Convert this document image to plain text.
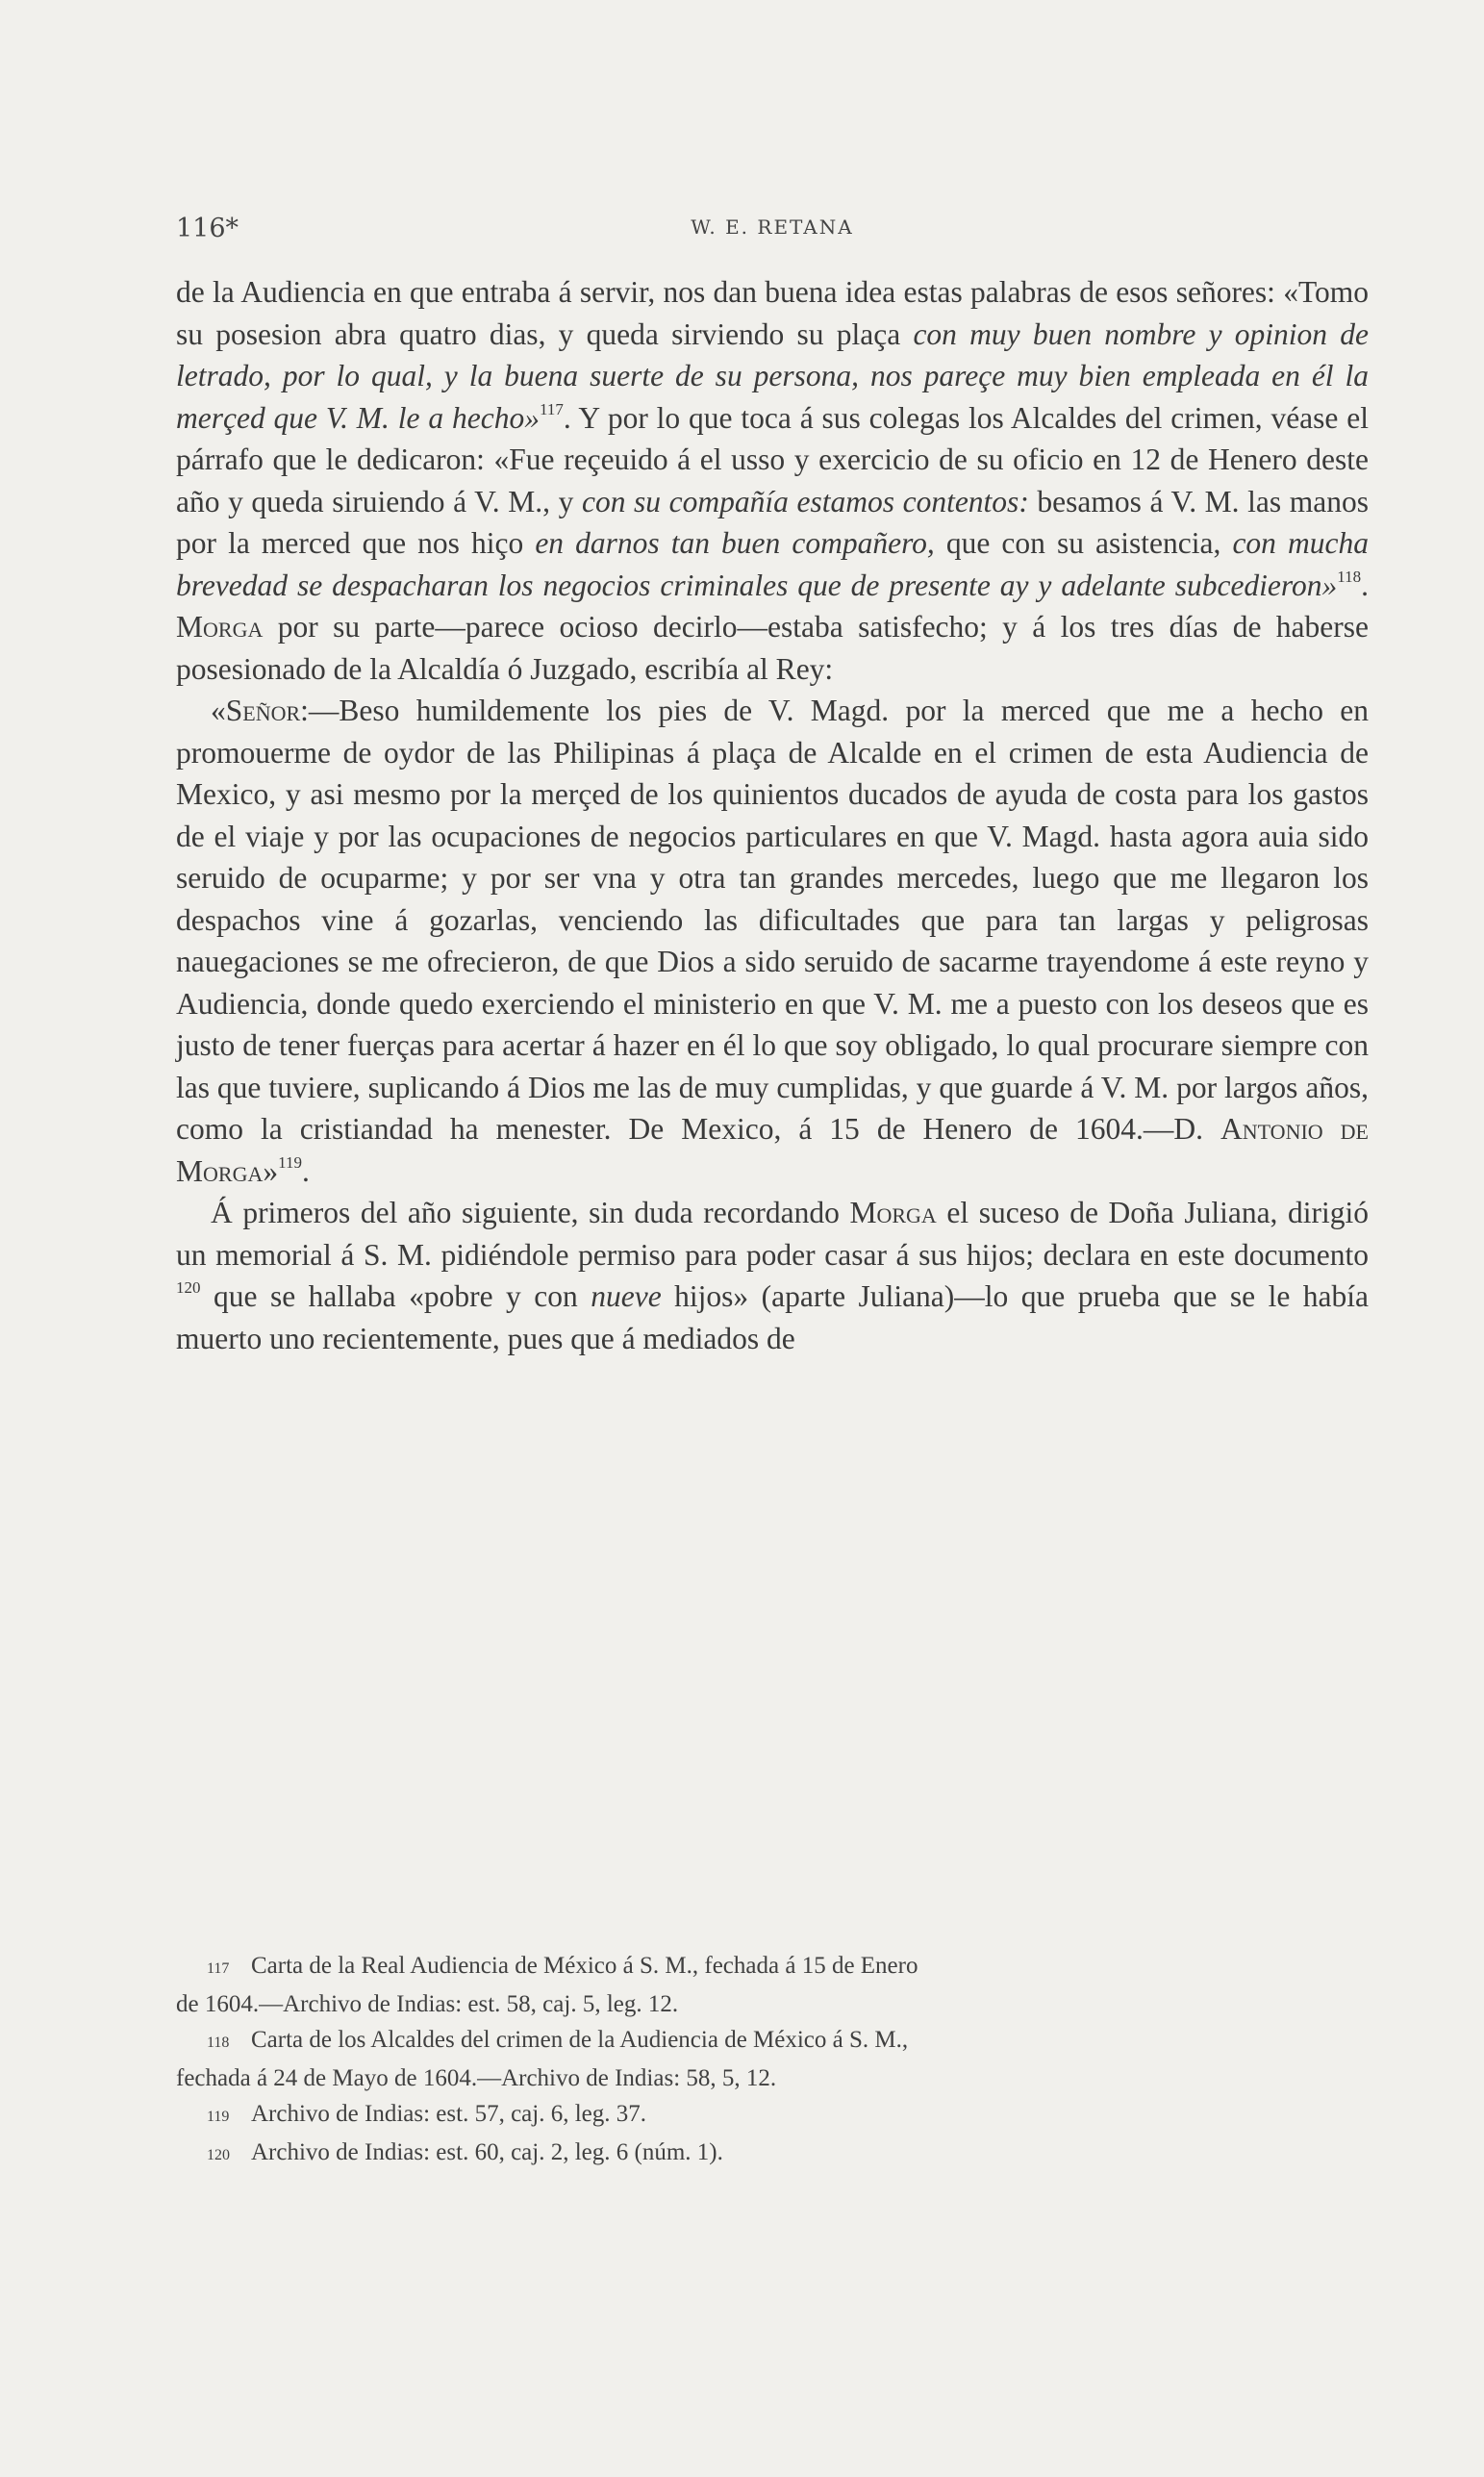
116*	W. E. RETANA

de la Audiencia en que entraba á servir, nos dan buena idea estas palabras de esos señores: «Tomo su posesion abra quatro dias, y queda sirviendo su plaça con muy buen nombre y opinion de letrado, por lo qual, y la buena suerte de su persona, nos pareçe muy bien empleada en él la merçed que V. M. le a hecho»$^{117}$. Y por lo que toca á sus colegas los Alcaldes del crimen, véase el párrafo que le dedicaron: «Fue reçeuido á el usso y exercicio de su oficio en 12 de Henero deste año y queda siruiendo á V. M., y con su compañía estamos contentos: besamos á V. M. las manos por la merced que nos hiço en darnos tan buen compañero, que con su asistencia, con mucha brevedad se despacharan los negocios criminales que de presente ay y adelante subcedieron»$^{118}$. Morga por su parte—parece ocioso decirlo—estaba satisfecho; y á los tres días de haberse posesionado de la Alcaldía ó Juzgado, escribía al Rey:

«Señor:—Beso humildemente los pies de V. Magd. por la merced que me a hecho en promouerme de oydor de las Philipinas á plaça de Alcalde en el crimen de esta Audiencia de Mexico, y asi mesmo por la merçed de los quinientos ducados de ayuda de costa para los gastos de el viaje y por las ocupaciones de negocios particulares en que V. Magd. hasta agora auia sido seruido de ocuparme; y por ser vna y otra tan grandes mercedes, luego que me llegaron los despachos vine á gozarlas, venciendo las dificultades que para tan largas y peligrosas nauegaciones se me ofrecieron, de que Dios a sido seruido de sacarme trayendome á este reyno y Audiencia, donde quedo exerciendo el ministerio en que V. M. me a puesto con los deseos que es justo de tener fuerças para acertar á hazer en él lo que soy obligado, lo qual procurare siempre con las que tuviere, suplicando á Dios me las de muy cumplidas, y que guarde á V. M. por largos años, como la cristiandad ha menester. De Mexico, á 15 de Henero de 1604.—D. Antonio de Morga»$^{119}$.

Á primeros del año siguiente, sin duda recordando Morga el suceso de Doña Juliana, dirigió un memorial á S. M. pidiéndole permiso para poder casar á sus hijos; declara en este documento $^{120}$ que se hallaba «pobre y con nueve hijos» (aparte Juliana)—lo que prueba que se le había muerto uno recientemente, pues que á mediados de

117 Carta de la Real Audiencia de México á S. M., fechada á 15 de Enero

de 1604.—Archivo de Indias: est. 58, caj. 5, leg. 12.

118 Carta de los Alcaldes del crimen de la Audiencia de México á S. M.,

fechada á 24 de Mayo de 1604.—Archivo de Indias: 58, 5, 12.

119 Archivo de Indias: est. 57, caj. 6, leg. 37.

120 Archivo de Indias: est. 60, caj. 2, leg. 6 (núm. 1).
